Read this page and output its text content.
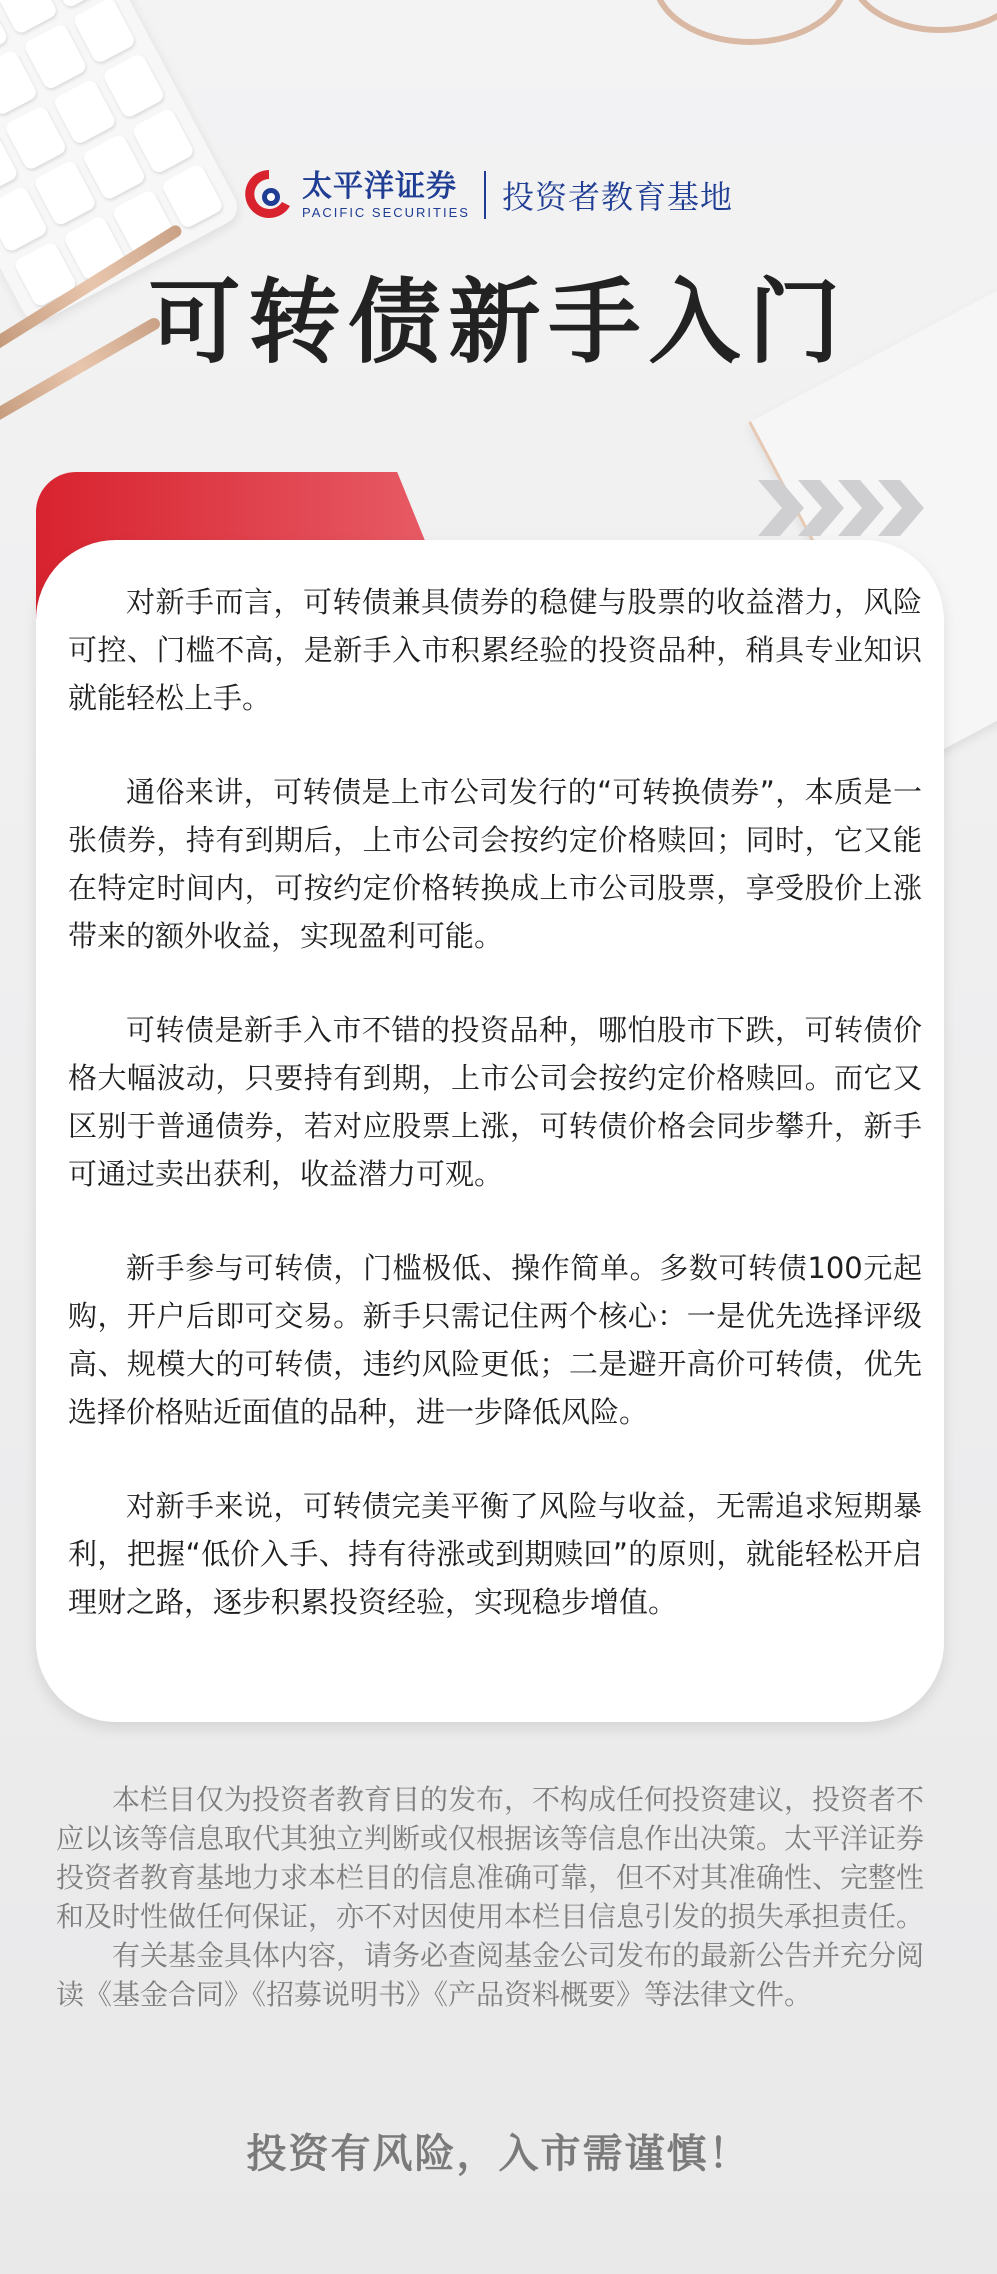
太平洋证券
PACIFIC SECURITIES 投资者教育基地
可转债新手入门

对新手而言，可转债兼具债券的稳健与股票的收益潜力，风险可控、门槛不高，是新手入市积累经验的投资品种，稍具专业知识就能轻松上手。

通俗来讲，可转债是上市公司发行的“可转换债券”，本质是一张债券，持有到期后，上市公司会按约定价格赎回；同时，它又能在特定时间内，可按约定价格转换成上市公司股票，享受股价上涨带来的额外收益，实现盈利可能。

可转债是新手入市不错的投资品种，哪怕股市下跌，可转债价格大幅波动，只要持有到期，上市公司会按约定价格赎回。而它又区别于普通债券，若对应股票上涨，可转债价格会同步攀升，新手可通过卖出获利，收益潜力可观。

新手参与可转债，门槛极低、操作简单。多数可转债100元起购，开户后即可交易。新手只需记住两个核心：一是优先选择评级高、规模大的可转债，违约风险更低；二是避开高价可转债，优先选择价格贴近面值的品种，进一步降低风险。

对新手来说，可转债完美平衡了风险与收益，无需追求短期暴利，把握“低价入手、持有待涨或到期赎回”的原则，就能轻松开启理财之路，逐步积累投资经验，实现稳步增值。

本栏目仅为投资者教育目的发布，不构成任何投资建议，投资者不应以该等信息取代其独立判断或仅根据该等信息作出决策。太平洋证券投资者教育基地力求本栏目的信息准确可靠，但不对其准确性、完整性和及时性做任何保证，亦不对因使用本栏目信息引发的损失承担责任。

有关基金具体内容，请务必查阅基金公司发布的最新公告并充分阅读《基金合同》《招募说明书》《产品资料概要》等法律文件。

投资有风险，入市需谨慎！
